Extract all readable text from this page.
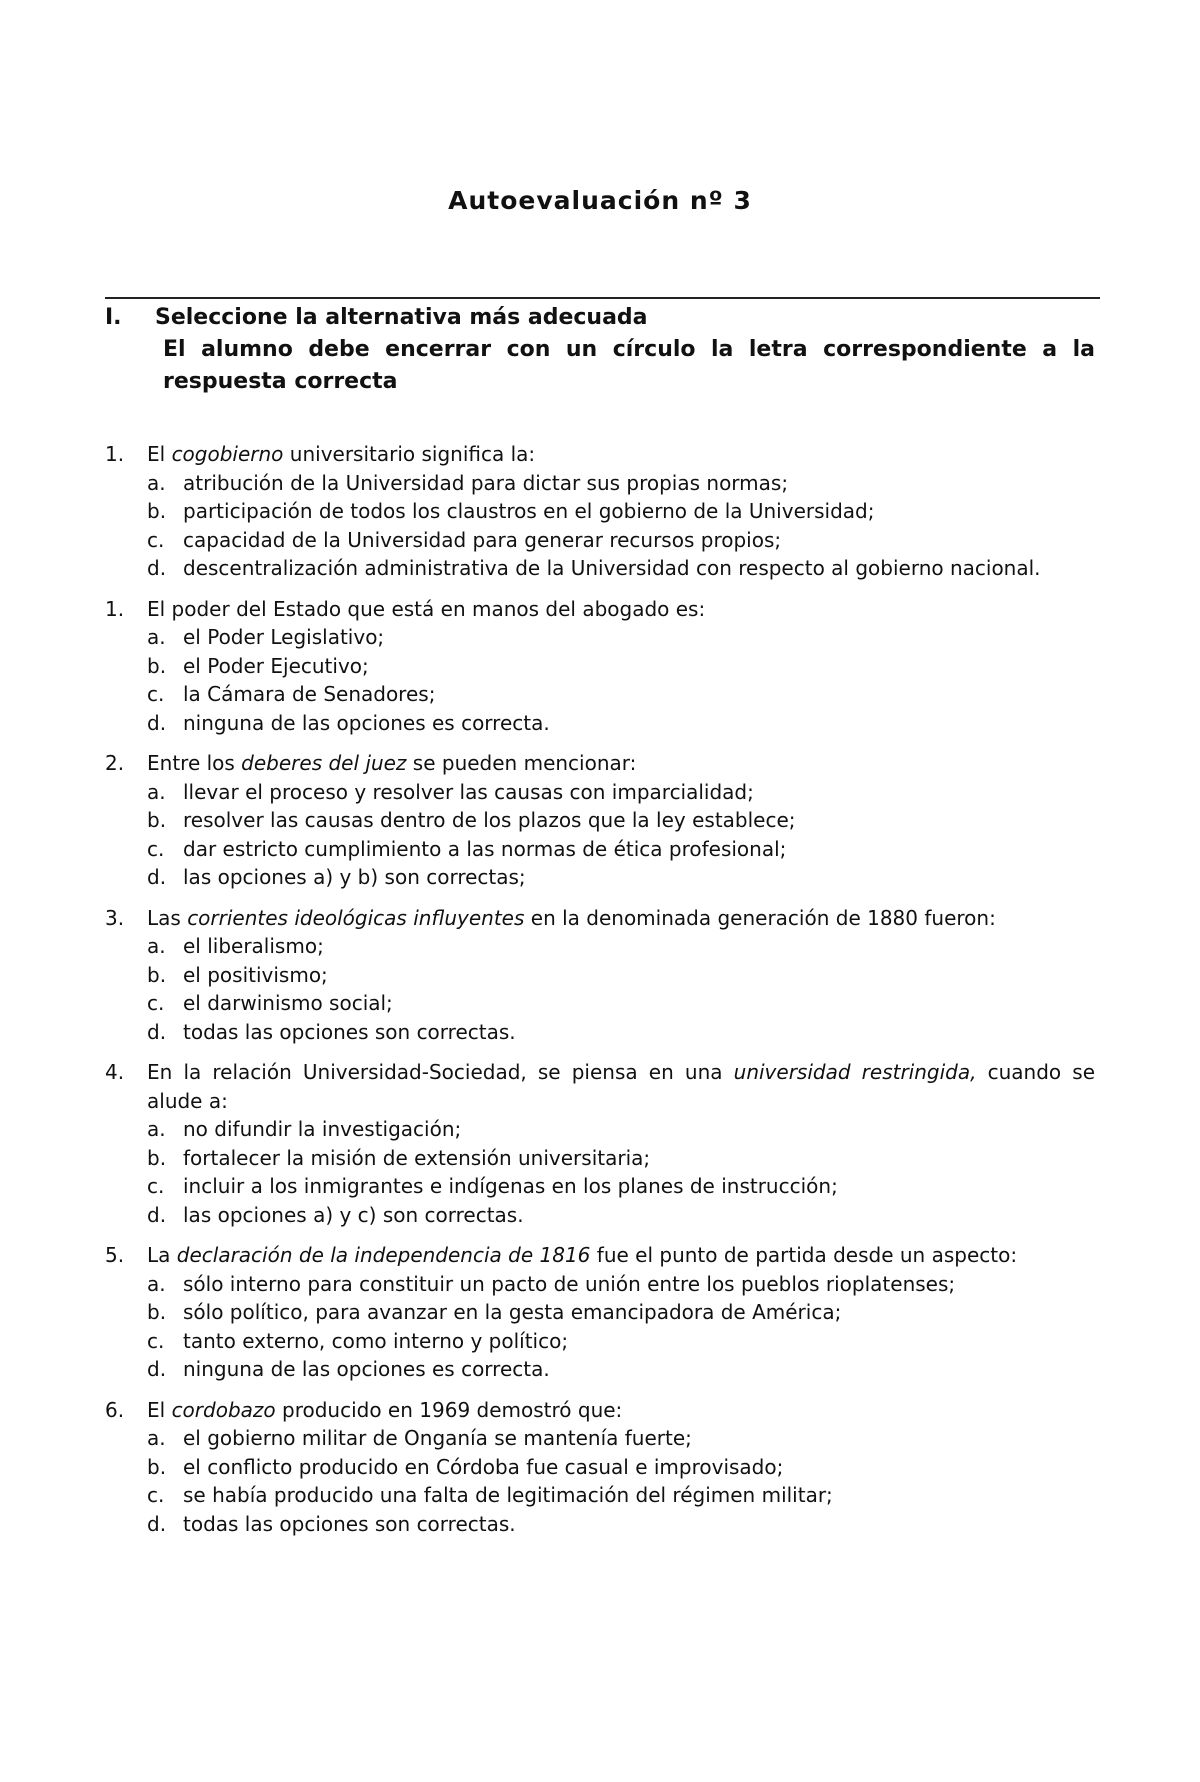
Autoevaluación nº 3
I. Seleccione la alternativa más adecuada
El alumno debe encerrar con un círculo la letra correspondiente a la respuesta correcta
1. El cogobierno universitario significa la:
a. atribución de la Universidad para dictar sus propias normas;
b. participación de todos los claustros en el gobierno de la Universidad;
c. capacidad de la Universidad para generar recursos propios;
d. descentralización administrativa de la Universidad con respecto al gobierno nacional.
1. El poder del Estado que está en manos del abogado es:
a. el Poder Legislativo;
b. el Poder Ejecutivo;
c. la Cámara de Senadores;
d. ninguna de las opciones es correcta.
2. Entre los deberes del juez se pueden mencionar:
a. llevar el proceso y resolver las causas con imparcialidad;
b. resolver las causas dentro de los plazos que la ley establece;
c. dar estricto cumplimiento a las normas de ética profesional;
d. las opciones a) y b) son correctas;
3. Las corrientes ideológicas influyentes en la denominada generación de 1880 fueron:
a. el liberalismo;
b. el positivismo;
c. el darwinismo social;
d. todas las opciones son correctas.
4. En la relación Universidad-Sociedad, se piensa en una universidad restringida, cuando se alude a:
a. no difundir la investigación;
b. fortalecer la misión de extensión universitaria;
c. incluir a los inmigrantes e indígenas en los planes de instrucción;
d. las opciones a) y c) son correctas.
5. La declaración de la independencia de 1816 fue el punto de partida desde un aspecto:
a. sólo interno para constituir un pacto de unión entre los pueblos rioplatenses;
b. sólo político, para avanzar en la gesta emancipadora de América;
c. tanto externo, como interno y político;
d. ninguna de las opciones es correcta.
6. El cordobazo producido en 1969 demostró que:
a. el gobierno militar de Onganía se mantenía fuerte;
b. el conflicto producido en Córdoba fue casual e improvisado;
c. se había producido una falta de legitimación del régimen militar;
d. todas las opciones son correctas.
